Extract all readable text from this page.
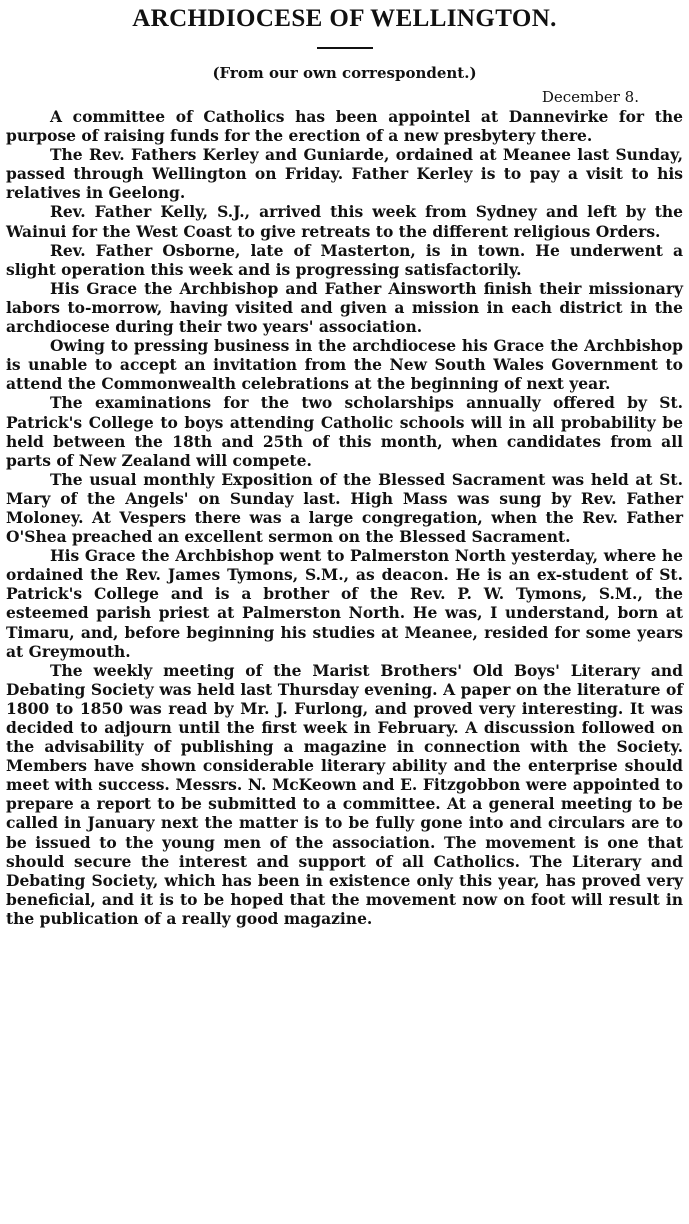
ARCHDIOCESE OF WELLINGTON.
(From our own correspondent.)
December 8.

A committee of Catholics has been appointel at Dannevirke for the purpose of raising funds for the erection of a new presbytery there.

The Rev. Fathers Kerley and Guniarde, ordained at Meanee last Sunday, passed through Wellington on Friday. Father Kerley is to pay a visit to his relatives in Geelong.

Rev. Father Kelly, S.J., arrived this week from Sydney and left by the Wainui for the West Coast to give retreats to the different religious Orders.

Rev. Father Osborne, late of Masterton, is in town. He underwent a slight operation this week and is progressing satisfactorily.

His Grace the Archbishop and Father Ainsworth finish their missionary labors to-morrow, having visited and given a mission in each district in the archdiocese during their two years' association.

Owing to pressing business in the archdiocese his Grace the Archbishop is unable to accept an invitation from the New South Wales Government to attend the Commonwealth celebrations at the beginning of next year.

The examinations for the two scholarships annually offered by St. Patrick's College to boys attending Catholic schools will in all probability be held between the 18th and 25th of this month, when candidates from all parts of New Zealand will compete.

The usual monthly Exposition of the Blessed Sacrament was held at St. Mary of the Angels' on Sunday last. High Mass was sung by Rev. Father Moloney. At Vespers there was a large congregation, when the Rev. Father O'Shea preached an excellent sermon on the Blessed Sacrament.

His Grace the Archbishop went to Palmerston North yesterday, where he ordained the Rev. James Tymons, S.M., as deacon. He is an ex-student of St. Patrick's College and is a brother of the Rev. P. W. Tymons, S.M., the esteemed parish priest at Palmerston North. He was, I understand, born at Timaru, and, before beginning his studies at Meanee, resided for some years at Greymouth.

The weekly meeting of the Marist Brothers' Old Boys' Literary and Debating Society was held last Thursday evening. A paper on the literature of 1800 to 1850 was read by Mr. J. Furlong, and proved very interesting. It was decided to adjourn until the first week in February. A discussion followed on the advisability of publishing a magazine in connection with the Society. Members have shown considerable literary ability and the enterprise should meet with success. Messrs. N. McKeown and E. Fitzgobbon were appointed to prepare a report to be submitted to a committee. At a general meeting to be called in January next the matter is to be fully gone into and circulars are to be issued to the young men of the association. The movement is one that should secure the interest and support of all Catholics. The Literary and Debating Society, which has been in existence only this year, has proved very beneficial, and it is to be hoped that the movement now on foot will result in the publication of a really good magazine.
